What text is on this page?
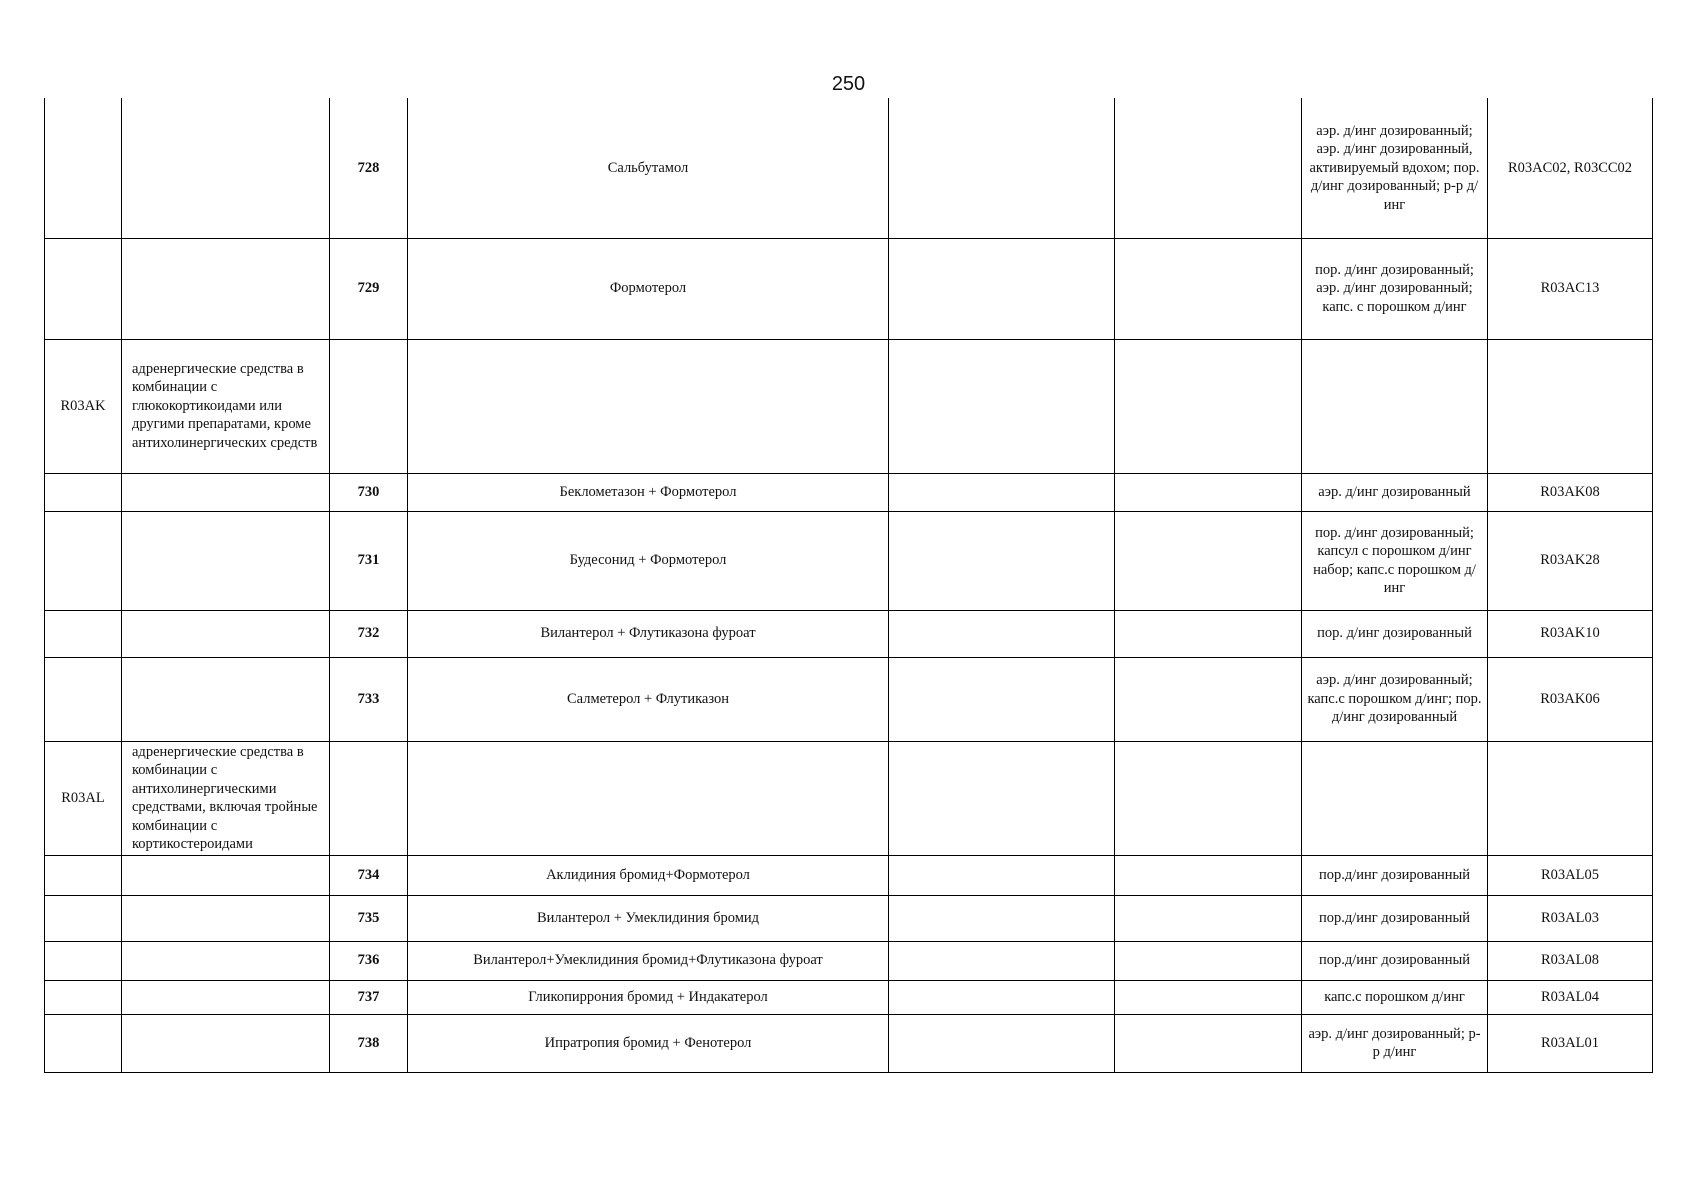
250
		728	Сальбутамол			аэр. д/инг дозированный; аэр. д/инг дозированный, активируемый вдохом; пор. д/инг дозированный; р-р д/инг	R03AC02, R03CC02
		729	Формотерол			пор. д/инг дозированный; аэр. д/инг дозированный; капс. с порошком д/инг	R03AC13
R03AK	адренергические средства в комбинации с глюкокортикоидами или другими препаратами, кроме антихолинергических средств						
		730	Беклометазон + Формотерол			аэр. д/инг дозированный	R03AK08
		731	Будесонид + Формотерол			пор. д/инг дозированный; капсул с порошком д/инг набор; капс.с порошком д/инг	R03AK28
		732	Вилантерол + Флутиказона фуроат			пор. д/инг дозированный	R03AK10
		733	Салметерол + Флутиказон			аэр. д/инг дозированный; капс.с порошком д/инг; пор. д/инг дозированный	R03AK06
R03AL	адренергические средства в комбинации с антихолинергическими средствами, включая тройные комбинации с кортикостероидами						
		734	Аклидиния бромид+Формотерол			пор.д/инг дозированный	R03AL05
		735	Вилантерол + Умеклидиния бромид			пор.д/инг дозированный	R03AL03
		736	Вилантерол+Умеклидиния бромид+Флутиказона фуроат			пор.д/инг дозированный	R03AL08
		737	Гликопиррония бромид + Индакатерол			капс.с порошком д/инг	R03AL04
		738	Ипратропия бромид + Фенотерол			аэр. д/инг дозированный; р-р д/инг	R03AL01
